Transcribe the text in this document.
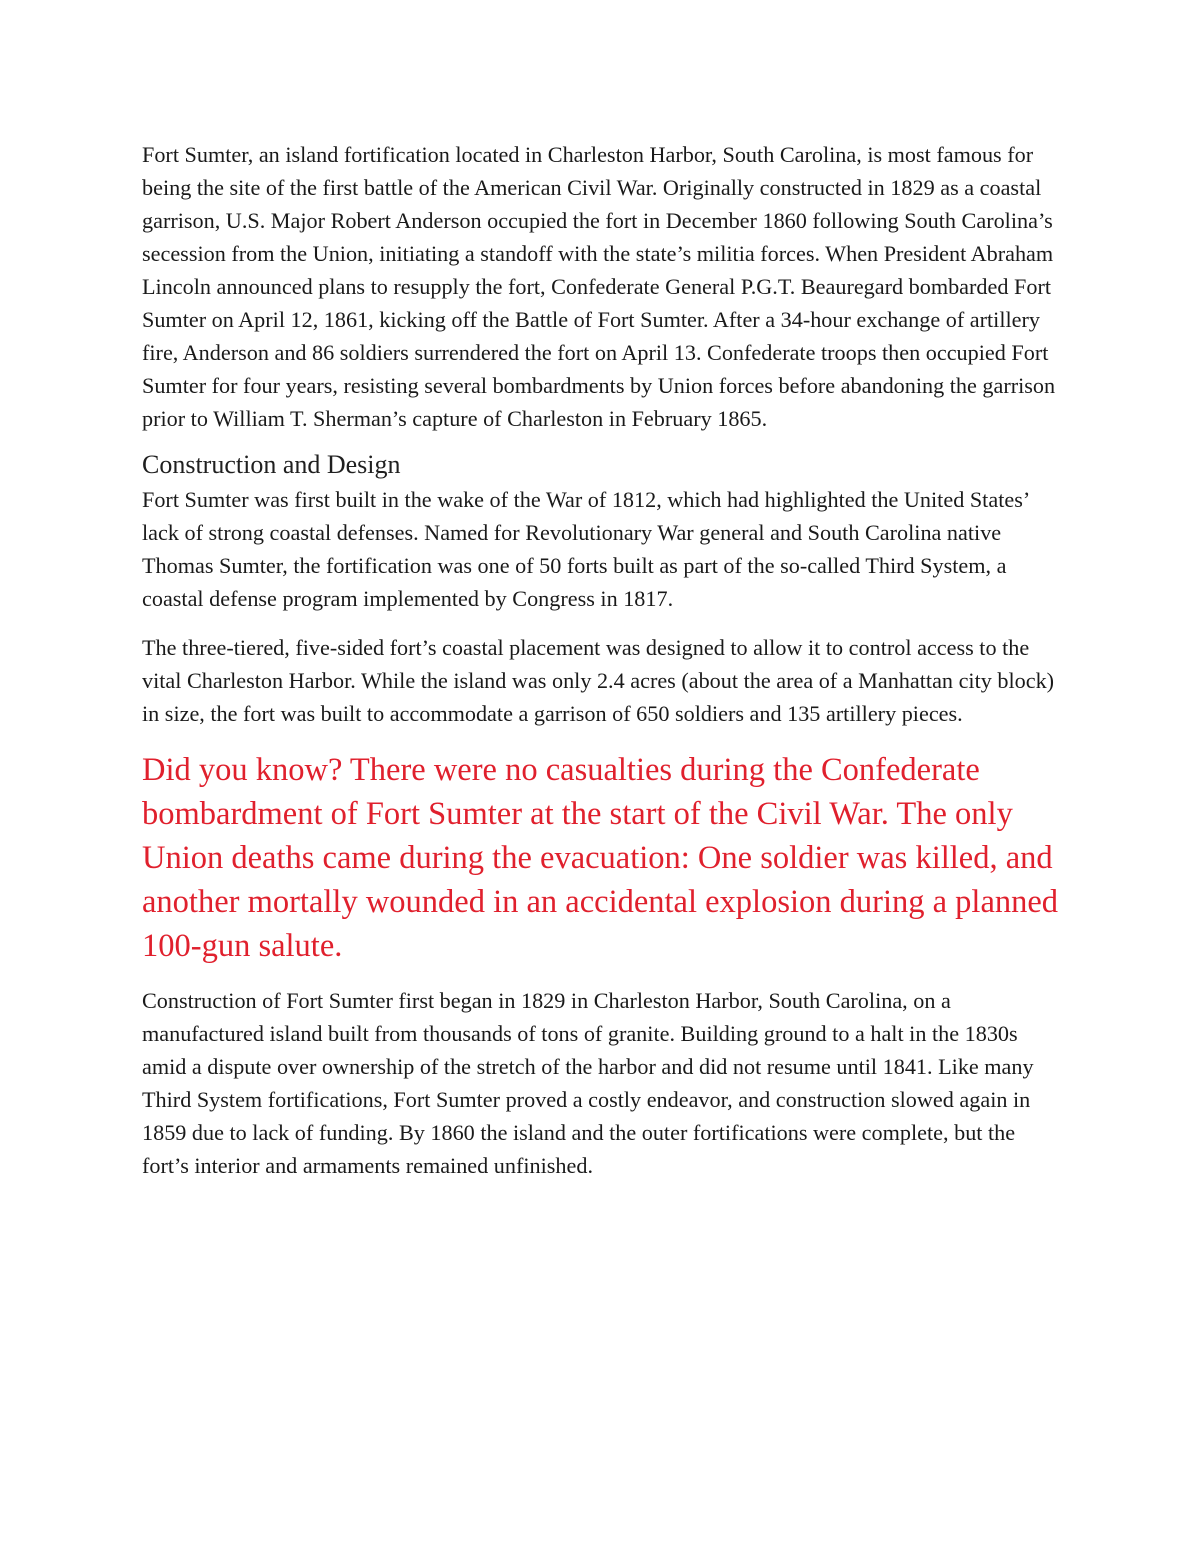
Fort Sumter, an island fortification located in Charleston Harbor, South Carolina, is most famous for being the site of the first battle of the American Civil War. Originally constructed in 1829 as a coastal garrison, U.S. Major Robert Anderson occupied the fort in December 1860 following South Carolina’s secession from the Union, initiating a standoff with the state’s militia forces. When President Abraham Lincoln announced plans to resupply the fort, Confederate General P.G.T. Beauregard bombarded Fort Sumter on April 12, 1861, kicking off the Battle of Fort Sumter. After a 34-hour exchange of artillery fire, Anderson and 86 soldiers surrendered the fort on April 13. Confederate troops then occupied Fort Sumter for four years, resisting several bombardments by Union forces before abandoning the garrison prior to William T. Sherman’s capture of Charleston in February 1865.

Construction and Design

Fort Sumter was first built in the wake of the War of 1812, which had highlighted the United States’ lack of strong coastal defenses. Named for Revolutionary War general and South Carolina native Thomas Sumter, the fortification was one of 50 forts built as part of the so-called Third System, a coastal defense program implemented by Congress in 1817.

The three-tiered, five-sided fort’s coastal placement was designed to allow it to control access to the vital Charleston Harbor. While the island was only 2.4 acres (about the area of a Manhattan city block) in size, the fort was built to accommodate a garrison of 650 soldiers and 135 artillery pieces.

Did you know? There were no casualties during the Confederate bombardment of Fort Sumter at the start of the Civil War. The only Union deaths came during the evacuation: One soldier was killed, and another mortally wounded in an accidental explosion during a planned 100-gun salute.

Construction of Fort Sumter first began in 1829 in Charleston Harbor, South Carolina, on a manufactured island built from thousands of tons of granite. Building ground to a halt in the 1830s amid a dispute over ownership of the stretch of the harbor and did not resume until 1841. Like many Third System fortifications, Fort Sumter proved a costly endeavor, and construction slowed again in 1859 due to lack of funding. By 1860 the island and the outer fortifications were complete, but the fort’s interior and armaments remained unfinished.
